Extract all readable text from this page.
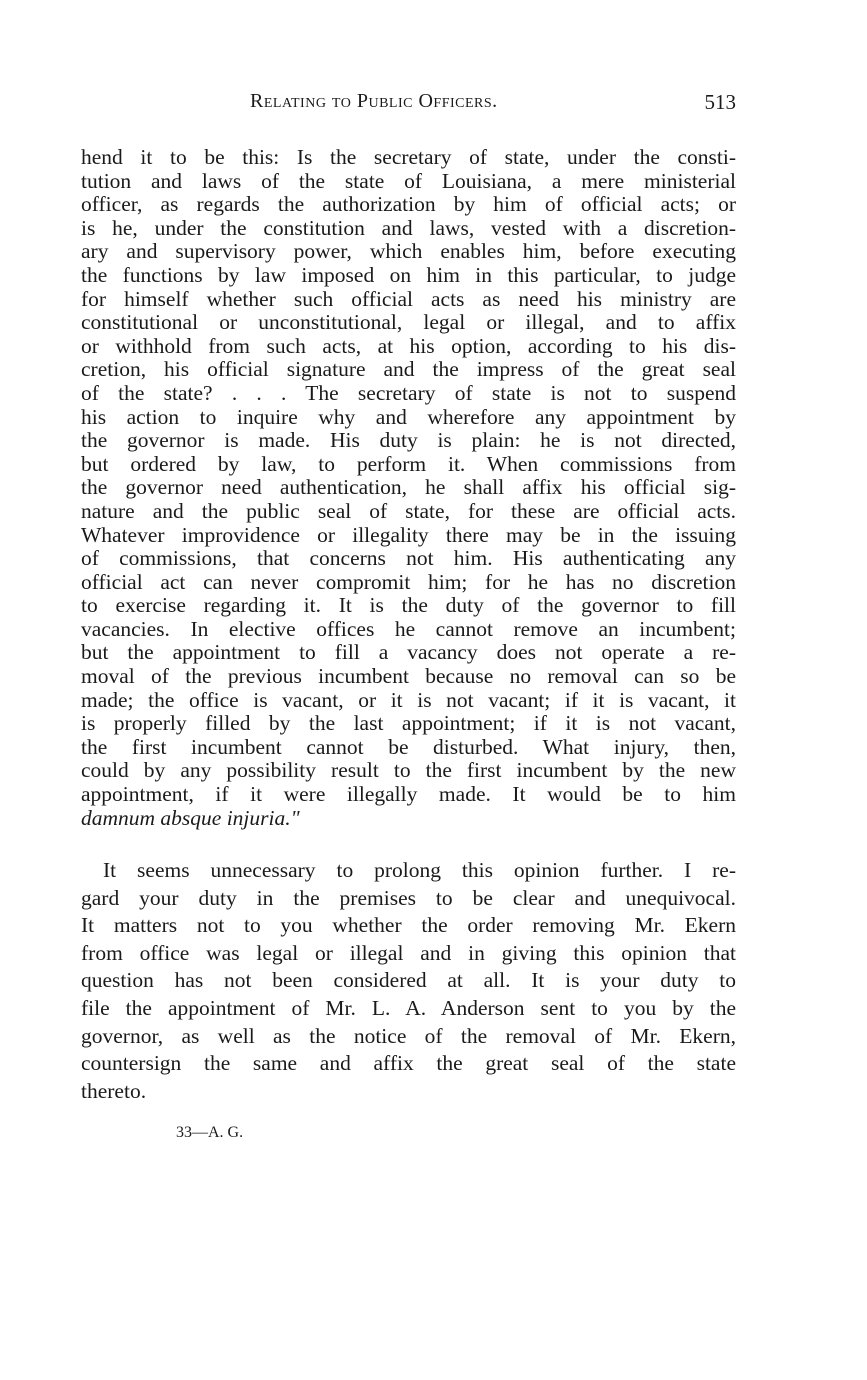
Relating to Public Officers.	513
hend it to be this: Is the secretary of state, under the consti-
tution and laws of the state of Louisiana, a mere ministerial
officer, as regards the authorization by him of official acts; or
is he, under the constitution and laws, vested with a discretion-
ary and supervisory power, which enables him, before executing
the functions by law imposed on him in this particular, to judge
for himself whether such official acts as need his ministry are
constitutional or unconstitutional, legal or illegal, and to affix
or withhold from such acts, at his option, according to his dis-
cretion, his official signature and the impress of the great seal
of the state? . . . The secretary of state is not to suspend
his action to inquire why and wherefore any appointment by
the governor is made. His duty is plain: he is not directed,
but ordered by law, to perform it. When commissions from
the governor need authentication, he shall affix his official sig-
nature and the public seal of state, for these are official acts.
Whatever improvidence or illegality there may be in the issuing
of commissions, that concerns not him. His authenticating any
official act can never compromit him; for he has no discretion
to exercise regarding it. It is the duty of the governor to fill
vacancies. In elective offices he cannot remove an incumbent;
but the appointment to fill a vacancy does not operate a re-
moval of the previous incumbent because no removal can so be
made; the office is vacant, or it is not vacant; if it is vacant, it
is properly filled by the last appointment; if it is not vacant,
the first incumbent cannot be disturbed. What injury, then,
could by any possibility result to the first incumbent by the new
appointment, if it were illegally made. It would be to him
damnum absque injuria."
It seems unnecessary to prolong this opinion further. I re-
gard your duty in the premises to be clear and unequivocal.
It matters not to you whether the order removing Mr. Ekern
from office was legal or illegal and in giving this opinion that
question has not been considered at all. It is your duty to
file the appointment of Mr. L. A. Anderson sent to you by the
governor, as well as the notice of the removal of Mr. Ekern,
countersign the same and affix the great seal of the state
thereto.
33—A. G.
